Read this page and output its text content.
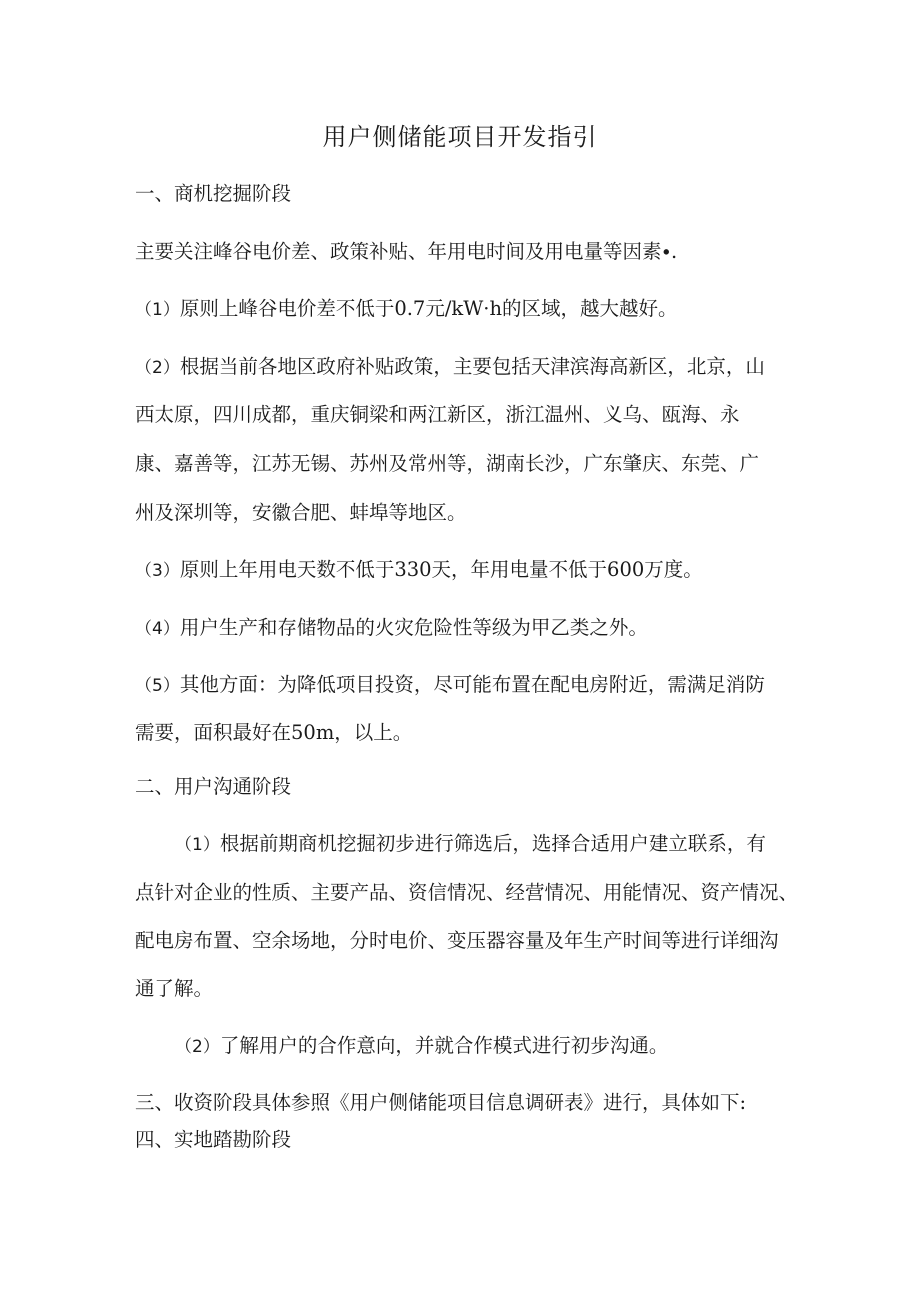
用户侧储能项目开发指引
一、商机挖掘阶段
主要关注峰谷电价差、政策补贴、年用电时间及用电量等因素∙.
（1）原则上峰谷电价差不低于0.7元/kW·h的区域，越大越好。
（2）根据当前各地区政府补贴政策，主要包括天津滨海高新区，北京，山
西太原，四川成都，重庆铜梁和两江新区，浙江温州、义乌、瓯海、永
康、嘉善等，江苏无锡、苏州及常州等，湖南长沙，广东肇庆、东莞、广
州及深圳等，安徽合肥、蚌埠等地区。
（3）原则上年用电天数不低于330天，年用电量不低于600万度。
（4）用户生产和存储物品的火灾危险性等级为甲乙类之外。
（5）其他方面：为降低项目投资，尽可能布置在配电房附近，需满足消防
需要，面积最好在50m，以上。
二、用户沟通阶段
（1）根据前期商机挖掘初步进行筛选后，选择合适用户建立联系，有
点针对企业的性质、主要产品、资信情况、经营情况、用能情况、资产情况、
配电房布置、空余场地，分时电价、变压器容量及年生产时间等进行详细沟
通了解。
（2）了解用户的合作意向，并就合作模式进行初步沟通。
三、收资阶段具体参照《用户侧储能项目信息调研表》进行，具体如下:
四、实地踏勘阶段
